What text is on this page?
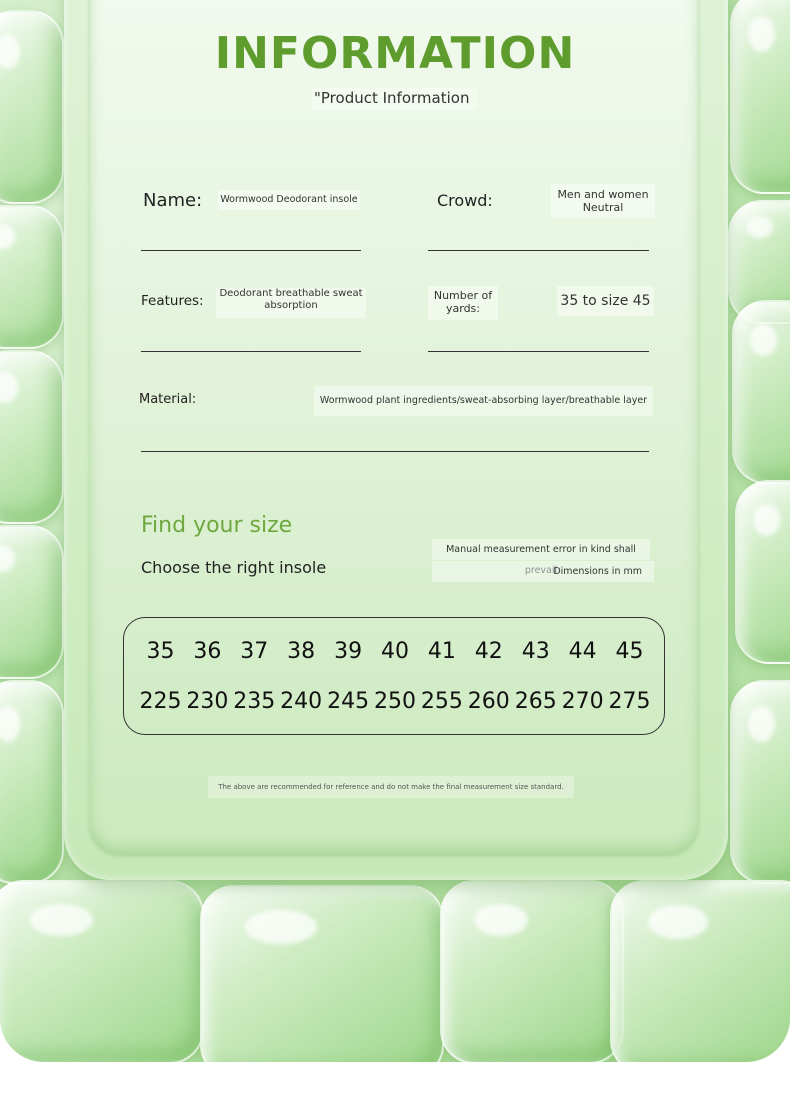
INFORMATION
"Product Information
Name: Wormwood Deodorant insole	Crowd:	Men and women
Neutral
Features:	Deodorant breathable sweat
absorption
Number of
yards:	35 to size 45
Material:	Wormwood plant ingredients/sweat-absorbing layer/breathable layer
Find your size
Choose the right insole
Manual measurement error in kind shall prevail
Dimensions in mm
35 36 37 38 39 40 41 42 43 44 45
225 230 235 240 245 250 255 260 265 270 275
The above are recommended for reference and do not make the final measurement size standard.
